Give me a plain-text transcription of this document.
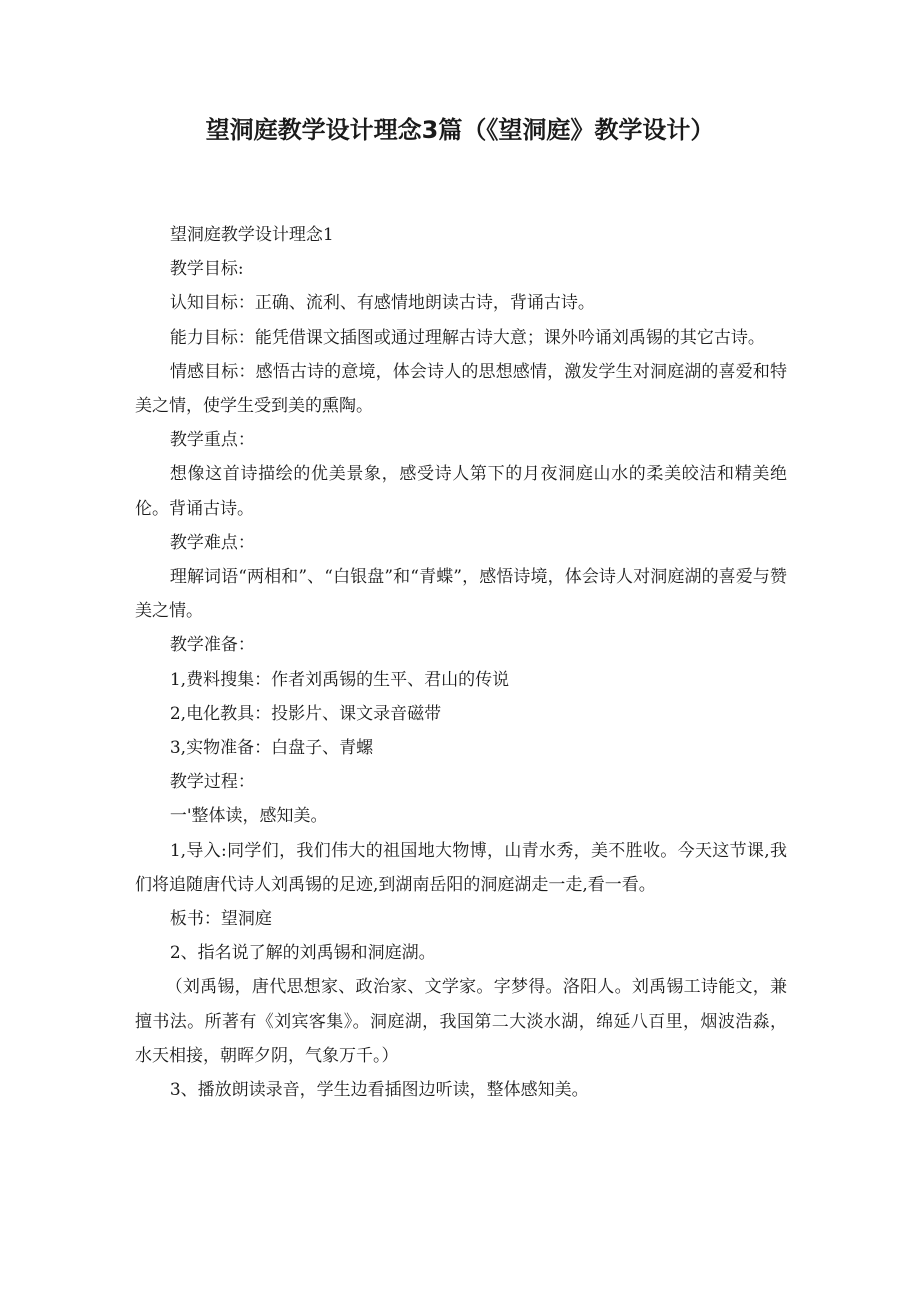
望洞庭教学设计理念3篇（《望洞庭》教学设计）

望洞庭教学设计理念1

教学目标:

认知目标：正确、流利、有感情地朗读古诗，背诵古诗。

能力目标：能凭借课文插图或通过理解古诗大意；课外吟诵刘禹锡的其它古诗。

情感目标：感悟古诗的意境，体会诗人的思想感情，激发学生对洞庭湖的喜爱和特美之情，使学生受到美的熏陶。

教学重点：

想像这首诗描绘的优美景象，感受诗人第下的月夜洞庭山水的柔美皎洁和精美绝伦。背诵古诗。

教学难点：

理解词语“两相和”、“白银盘”和“青蝶”，感悟诗境，体会诗人对洞庭湖的喜爱与赞美之情。

教学准备：

1,费料搜集：作者刘禹锡的生平、君山的传说

2,电化教具：投影片、课文录音磁带

3,实物准备：白盘子、青螺

教学过程：

一'整体读，感知美。

1,导入:同学们，我们伟大的祖国地大物博，山青水秀，美不胜收。今天这节课,我们将追随唐代诗人刘禹锡的足迹,到湖南岳阳的洞庭湖走一走,看一看。

板书：望洞庭

2、指名说了解的刘禹锡和洞庭湖。

（刘禹锡，唐代思想家、政治家、文学家。字梦得。洛阳人。刘禹锡工诗能文，兼擅书法。所著有《刘宾客集》。洞庭湖，我国第二大淡水湖，绵延八百里，烟波浩淼，水天相接，朝晖夕阴，气象万千。）

3、播放朗读录音，学生边看插图边听读，整体感知美。
